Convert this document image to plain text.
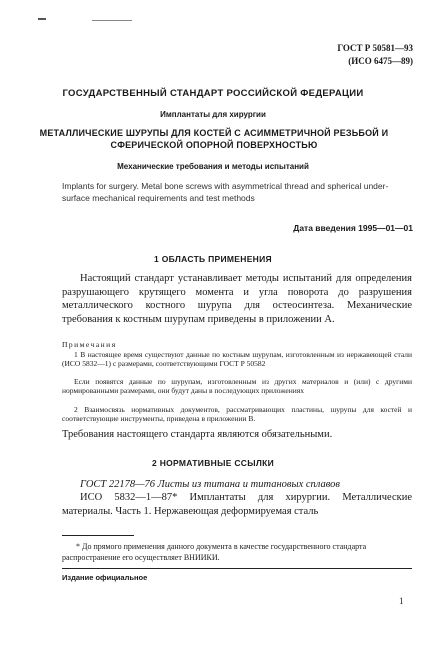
ГОСТ Р 50581—93
(ИСО 6475—89)
ГОСУДАРСТВЕННЫЙ СТАНДАРТ РОССИЙСКОЙ ФЕДЕРАЦИИ
Имплантаты для хирургии
МЕТАЛЛИЧЕСКИЕ ШУРУПЫ ДЛЯ КОСТЕЙ С АСИММЕТРИЧНОЙ РЕЗЬБОЙ И СФЕРИЧЕСКОЙ ОПОРНОЙ ПОВЕРХНОСТЬЮ
Механические требования и методы испытаний
Implants for surgery. Metal bone screws with asymmetrical thread and spherical under-surface mechanical requirements and test methods
Дата введения 1995—01—01
1 ОБЛАСТЬ ПРИМЕНЕНИЯ
Настоящий стандарт устанавливает методы испытаний для определения разрушающего крутящего момента и угла поворота до разрушения металлического костного шурупа для остеосинтеза. Механические требования к костным шурупам приведены в приложении А.
Примечания
1 В настоящее время существуют данные по костным шурупам, изготовленным из нержавеющей стали (ИСО 5832—1) с размерами, соответствующими ГОСТ Р 50582
Если появятся данные по шурупам, изготовленным из других материалов и (или) с другими нормированными размерами, они будут даны в последующих приложениях
2 Взаимосвязь нормативных документов, рассматривающих пластины, шурупы для костей и соответствующие инструменты, приведена в приложении В.
Требования настоящего стандарта являются обязательными.
2 НОРМАТИВНЫЕ ССЫЛКИ
ГОСТ 22178—76 Листы из титана и титановых сплавов
ИСО 5832—1—87* Имплантаты для хирургии. Металлические материалы. Часть 1. Нержавеющая деформируемая сталь
* До прямого применения данного документа в качестве государственного стандарта распространение его осуществляет ВНИИКИ.
Издание официальное
1
